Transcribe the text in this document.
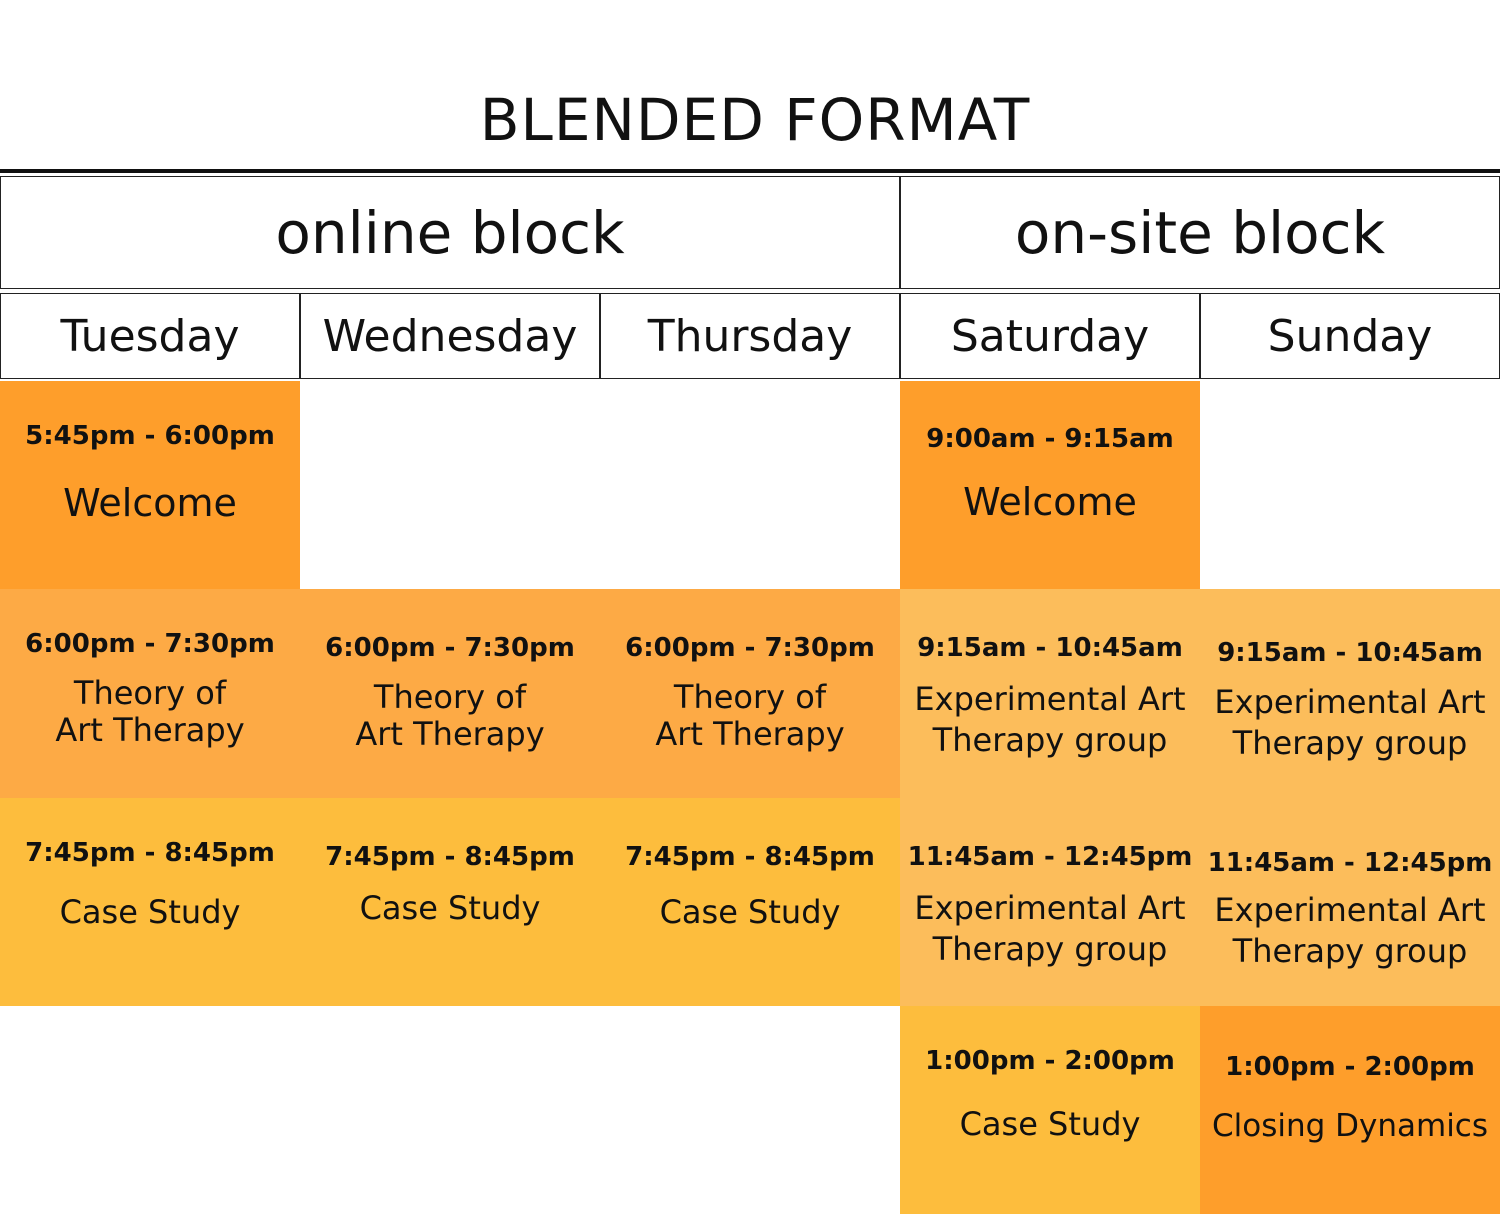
BLENDED FORMAT
online block	on-site block
Tuesday Wednesday Thursday Saturday	Sunday
5:45pm - 6:00pm
Welcome
6:00pm - 7:30pm
Theory of
Art Therapy
7:45pm - 8:45pm
Case Study
6:00pm - 7:30pm
Theory of
Art Therapy
7:45pm - 8:45pm
Case Study
6:00pm - 7:30pm
Theory of
Art Therapy
7:45pm - 8:45pm
Case Study
9:00am - 9:15am
Welcome
9:15am - 10:45am
Experimental Art
Therapy group
11:45am - 12:45pm
Experimental Art
Therapy group
1:00pm - 2:00pm
Case Study
9:15am - 10:45am
Experimental Art
Therapy group
11:45am - 12:45pm
Experimental Art
Therapy group
1:00pm - 2:00pm
Closing Dynamics
